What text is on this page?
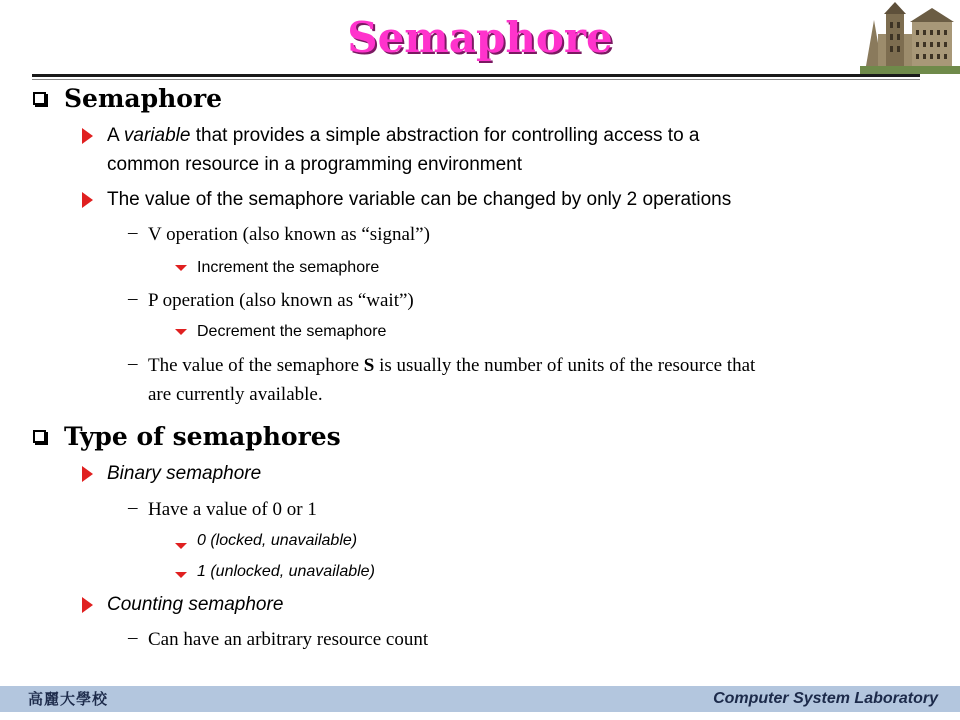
Semaphore
Semaphore
A variable that provides a simple abstraction for controlling access to a
common resource in a programming environment
The value of the semaphore variable can be changed by only 2 operations
– V operation (also known as “signal”)
Increment the semaphore
– P operation (also known as “wait”)
Decrement the semaphore
– The value of the semaphore S is usually the number of units of the resource that
are currently available.
Type of semaphores
Binary semaphore
– Have a value of 0 or 1
0 (locked, unavailable)
1 (unlocked, unavailable)
Counting semaphore
– Can have an arbitrary resource count
高麗大學校	Computer System Laboratory
